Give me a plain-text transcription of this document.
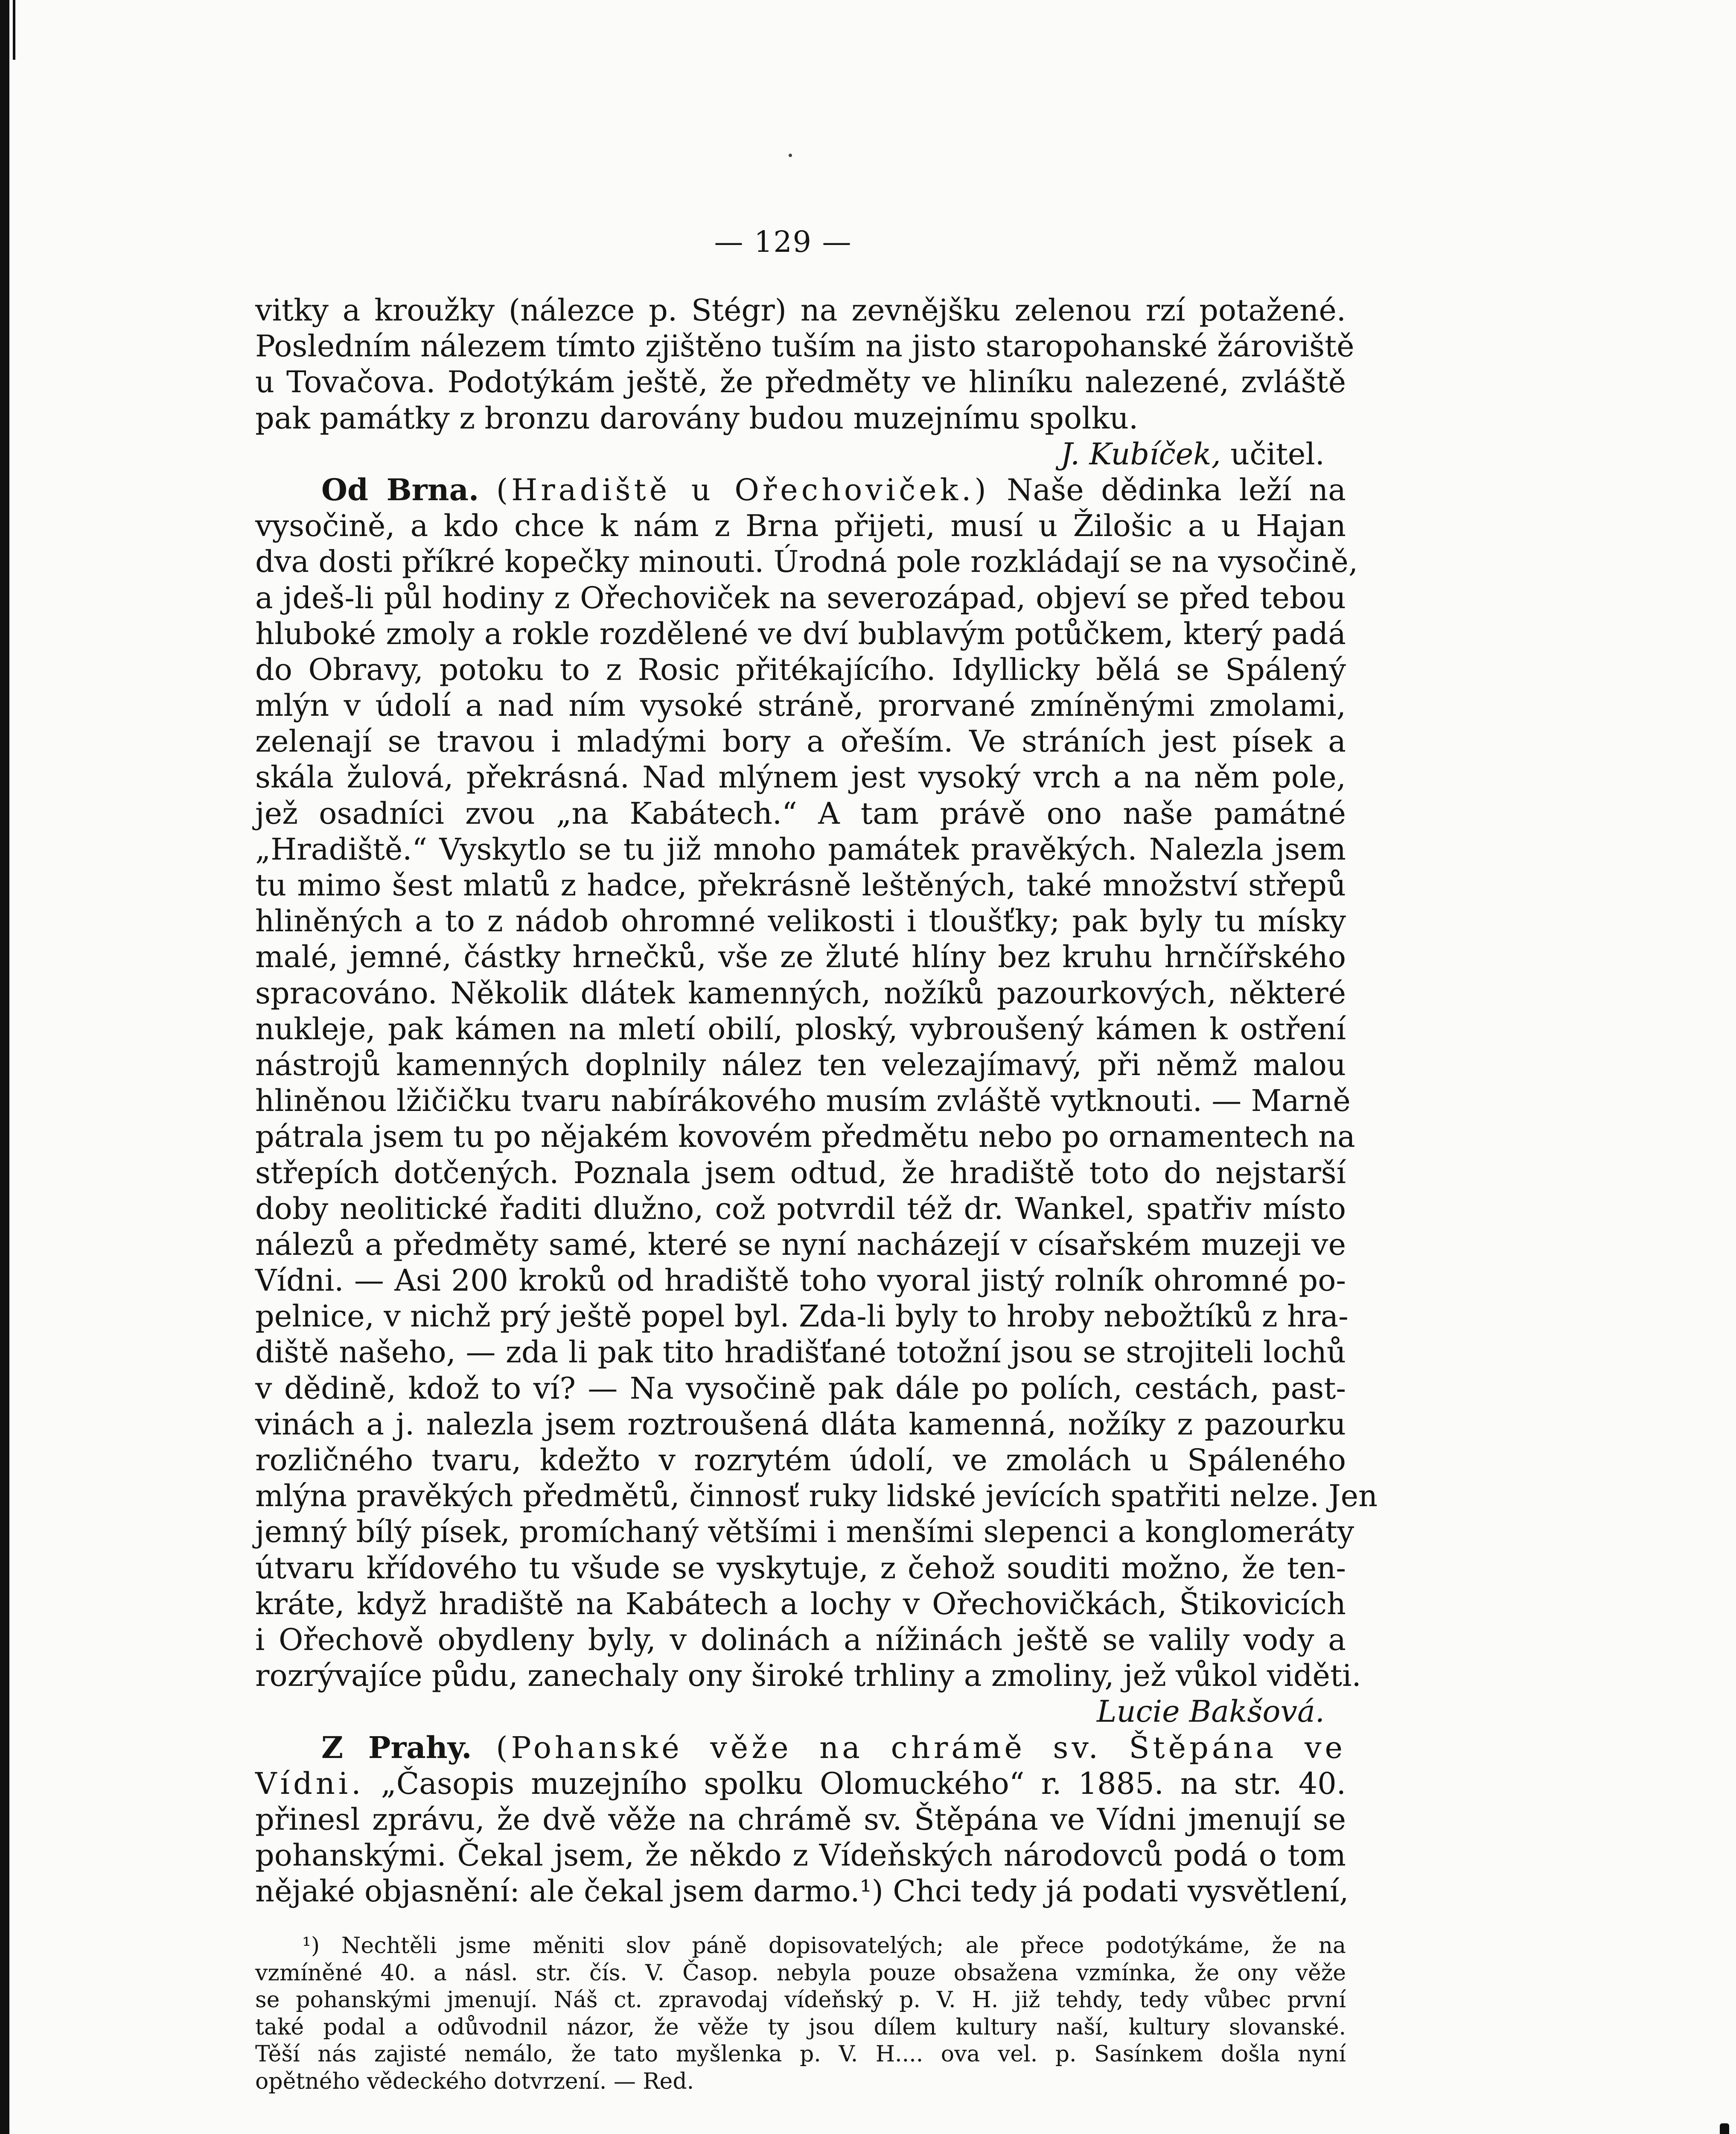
— 129 —
vitky a kroužky (nálezce p. Stégr) na zevnějšku zelenou rzí potažené.
Posledním nálezem tímto zjištěno tuším na jisto staropohanské žároviště
u Tovačova. Podotýkám ještě, že předměty ve hliníku nalezené, zvláště
pak památky z bronzu darovány budou muzejnímu spolku.
J. Kubíček, učitel.
Od Brna. (Hradiště u Ořechoviček.) Naše dědinka leží na
vysočině, a kdo chce k nám z Brna přijeti, musí u Žilošic a u Hajan
dva dosti příkré kopečky minouti. Úrodná pole rozkládají se na vysočině,
a jdeš-li půl hodiny z Ořechoviček na severozápad, objeví se před tebou
hluboké zmoly a rokle rozdělené ve dví bublavým potůčkem, který padá
do Obravy, potoku to z Rosic přitékajícího. Idyllicky bělá se Spálený
mlýn v údolí a nad ním vysoké stráně, prorvané zmíněnými zmolami,
zelenají se travou i mladými bory a ořeším. Ve stráních jest písek a
skála žulová, překrásná. Nad mlýnem jest vysoký vrch a na něm pole,
jež osadníci zvou „na Kabátech.“ A tam právě ono naše památné
„Hradiště.“ Vyskytlo se tu již mnoho památek pravěkých. Nalezla jsem
tu mimo šest mlatů z hadce, překrásně leštěných, také množství střepů
hliněných a to z nádob ohromné velikosti i tloušťky; pak byly tu mísky
malé, jemné, částky hrnečků, vše ze žluté hlíny bez kruhu hrnčířského
spracováno. Několik dlátek kamenných, nožíků pazourkových, některé
nukleje, pak kámen na mletí obilí, ploský, vybroušený kámen k ostření
nástrojů kamenných doplnily nález ten velezajímavý, při němž malou
hliněnou lžičičku tvaru nabírákového musím zvláště vytknouti. — Marně
pátrala jsem tu po nějakém kovovém předmětu nebo po ornamentech na
střepích dotčených. Poznala jsem odtud, že hradiště toto do nejstarší
doby neolitické řaditi dlužno, což potvrdil též dr. Wankel, spatřiv místo
nálezů a předměty samé, které se nyní nacházejí v císařském muzeji ve
Vídni. — Asi 200 kroků od hradiště toho vyoral jistý rolník ohromné po-
pelnice, v nichž prý ještě popel byl. Zda-li byly to hroby nebožtíků z hra-
diště našeho, — zda li pak tito hradišťané totožní jsou se strojiteli lochů
v dědině, kdož to ví? — Na vysočině pak dále po polích, cestách, past-
vinách a j. nalezla jsem roztroušená dláta kamenná, nožíky z pazourku
rozličného tvaru, kdežto v rozrytém údolí, ve zmolách u Spáleného
mlýna pravěkých předmětů, činnosť ruky lidské jevících spatřiti nelze. Jen
jemný bílý písek, promíchaný většími i menšími slepenci a konglomeráty
útvaru křídového tu všude se vyskytuje, z čehož souditi možno, že ten-
kráte, když hradiště na Kabátech a lochy v Ořechovičkách, Štikovicích
i Ořechově obydleny byly, v dolinách a nížinách ještě se valily vody a
rozrývajíce půdu, zanechaly ony široké trhliny a zmoliny, jež vůkol viděti.
Lucie Bakšová.
Z Prahy. (Pohanské věže na chrámě sv. Štěpána ve
Vídni. „Časopis muzejního spolku Olomuckého“ r. 1885. na str. 40.
přinesl zprávu, že dvě věže na chrámě sv. Štěpána ve Vídni jmenují se
pohanskými. Čekal jsem, že někdo z Vídeňských národovců podá o tom
nějaké objasnění: ale čekal jsem darmo.¹) Chci tedy já podati vysvětlení,
¹) Nechtěli jsme měniti slov páně dopisovatelých; ale přece podotýkáme, že na
vzmíněné 40. a násl. str. čís. V. Časop. nebyla pouze obsažena vzmínka, že ony věže
se pohanskými jmenují. Náš ct. zpravodaj vídeňský p. V. H. již tehdy, tedy vůbec první
také podal a odůvodnil názor, že věže ty jsou dílem kultury naší, kultury slovanské.
Těší nás zajisté nemálo, že tato myšlenka p. V. H.... ova vel. p. Sasínkem došla nyní
opětného vědeckého dotvrzení. — Red.
